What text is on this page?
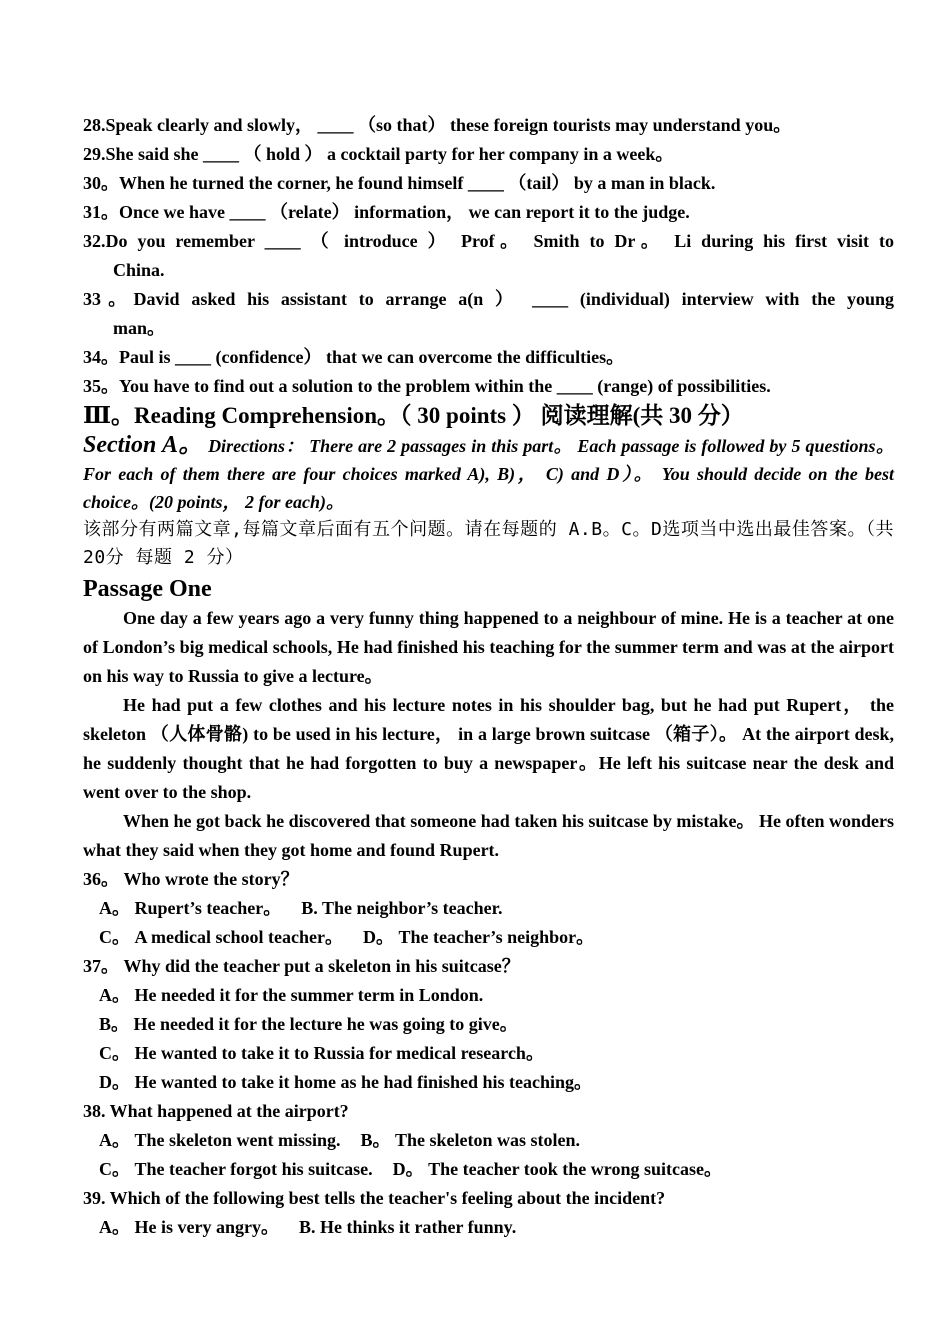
28.Speak clearly and slowly， ____ （so that） these foreign tourists may understand you。
29.She said she ____ （ hold ） a cocktail party for her company in a week。
30。When he turned the corner, he found himself ____ （tail） by a man in black.
31。Once we have ____ （relate） information， we can report it to the judge.
32.Do you remember ____ （ introduce ） Prof。 Smith to Dr。 Li during his first visit to
China.
33。David asked his assistant to arrange a(n ） ____ (individual) interview with the young
man。
34。Paul is ____ (confidence） that we can overcome the difficulties。
35。You have to find out a solution to the problem within the ____ (range) of possibilities.
Ⅲ。Reading Comprehension。（ 30 points ） 阅读理解(共 30 分）
Section A。 Directions： There are 2 passages in this part。 Each passage is followed by 5 questions。 For each of them there are four choices marked A), B)， C) and D）。 You should decide on the best choice。(20 points， 2 for each)。
该部分有两篇文章,每篇文章后面有五个问题。请在每题的 A.B。C。D选项当中选出最佳答案。（共 20分 每题 2 分）
Passage One
One day a few years ago a very funny thing happened to a neighbour of mine. He is a teacher at one of London’s big medical schools, He had finished his teaching for the summer term and was at the airport on his way to Russia to give a lecture。
He had put a few clothes and his lecture notes in his shoulder bag, but he had put Rupert， the skeleton （人体骨骼) to be used in his lecture， in a large brown suitcase （箱子）。 At the airport desk, he suddenly thought that he had forgotten to buy a newspaper。He left his suitcase near the desk and went over to the shop.
When he got back he discovered that someone had taken his suitcase by mistake。 He often wonders what they said when they got home and found Rupert.
36。 Who wrote the story？
A。 Rupert’s teacher。 B. The neighbor’s teacher.
C。 A medical school teacher。 D。 The teacher’s neighbor。
37。 Why did the teacher put a skeleton in his suitcase？
A。 He needed it for the summer term in London.
B。 He needed it for the lecture he was going to give。
C。 He wanted to take it to Russia for medical research。
D。 He wanted to take it home as he had finished his teaching。
38. What happened at the airport?
A。 The skeleton went missing. B。 The skeleton was stolen.
C。 The teacher forgot his suitcase. D。 The teacher took the wrong suitcase。
39. Which of the following best tells the teacher's feeling about the incident?
A。 He is very angry。 B. He thinks it rather funny.
